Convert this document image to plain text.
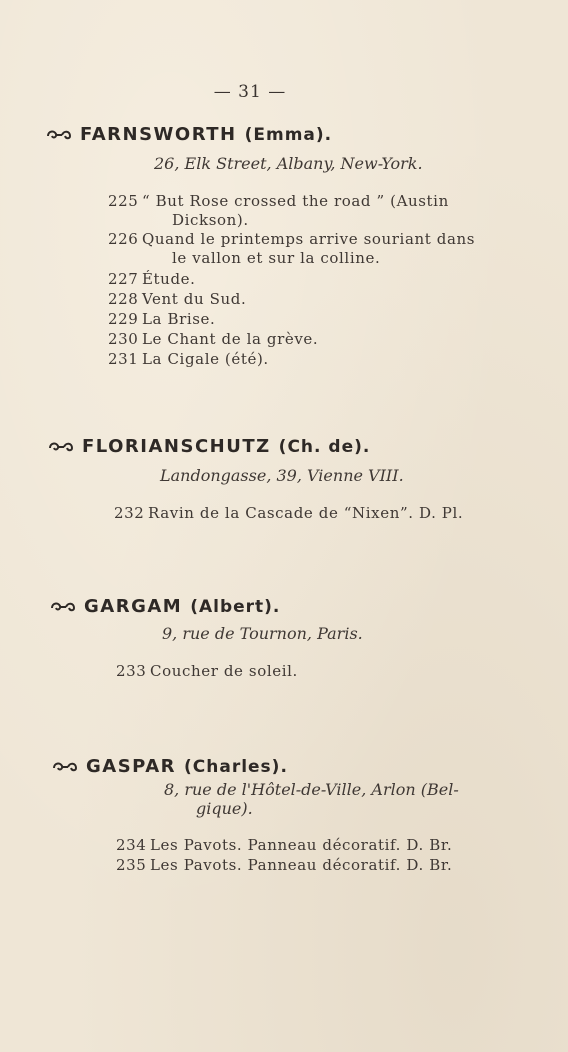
— 31 —
FARNSWORTH (Emma).
26, Elk Street, Albany, New-York.
225 “ But Rose crossed the road ” (Austin
Dickson).
226 Quand le printemps arrive souriant dans
le vallon et sur la colline.
227 Étude.
228 Vent du Sud.
229 La Brise.
230 Le Chant de la grève.
231 La Cigale (été).
FLORIANSCHUTZ (Ch. de).
Landongasse, 39, Vienne VIII.
232 Ravin de la Cascade de “Nixen”. D. Pl.
GARGAM (Albert).
9, rue de Tournon, Paris.
233 Coucher de soleil.
GASPAR (Charles).
8, rue de l'Hôtel-de-Ville, Arlon (Bel-
gique).
234 Les Pavots. Panneau décoratif. D. Br.
235 Les Pavots. Panneau décoratif. D. Br.
